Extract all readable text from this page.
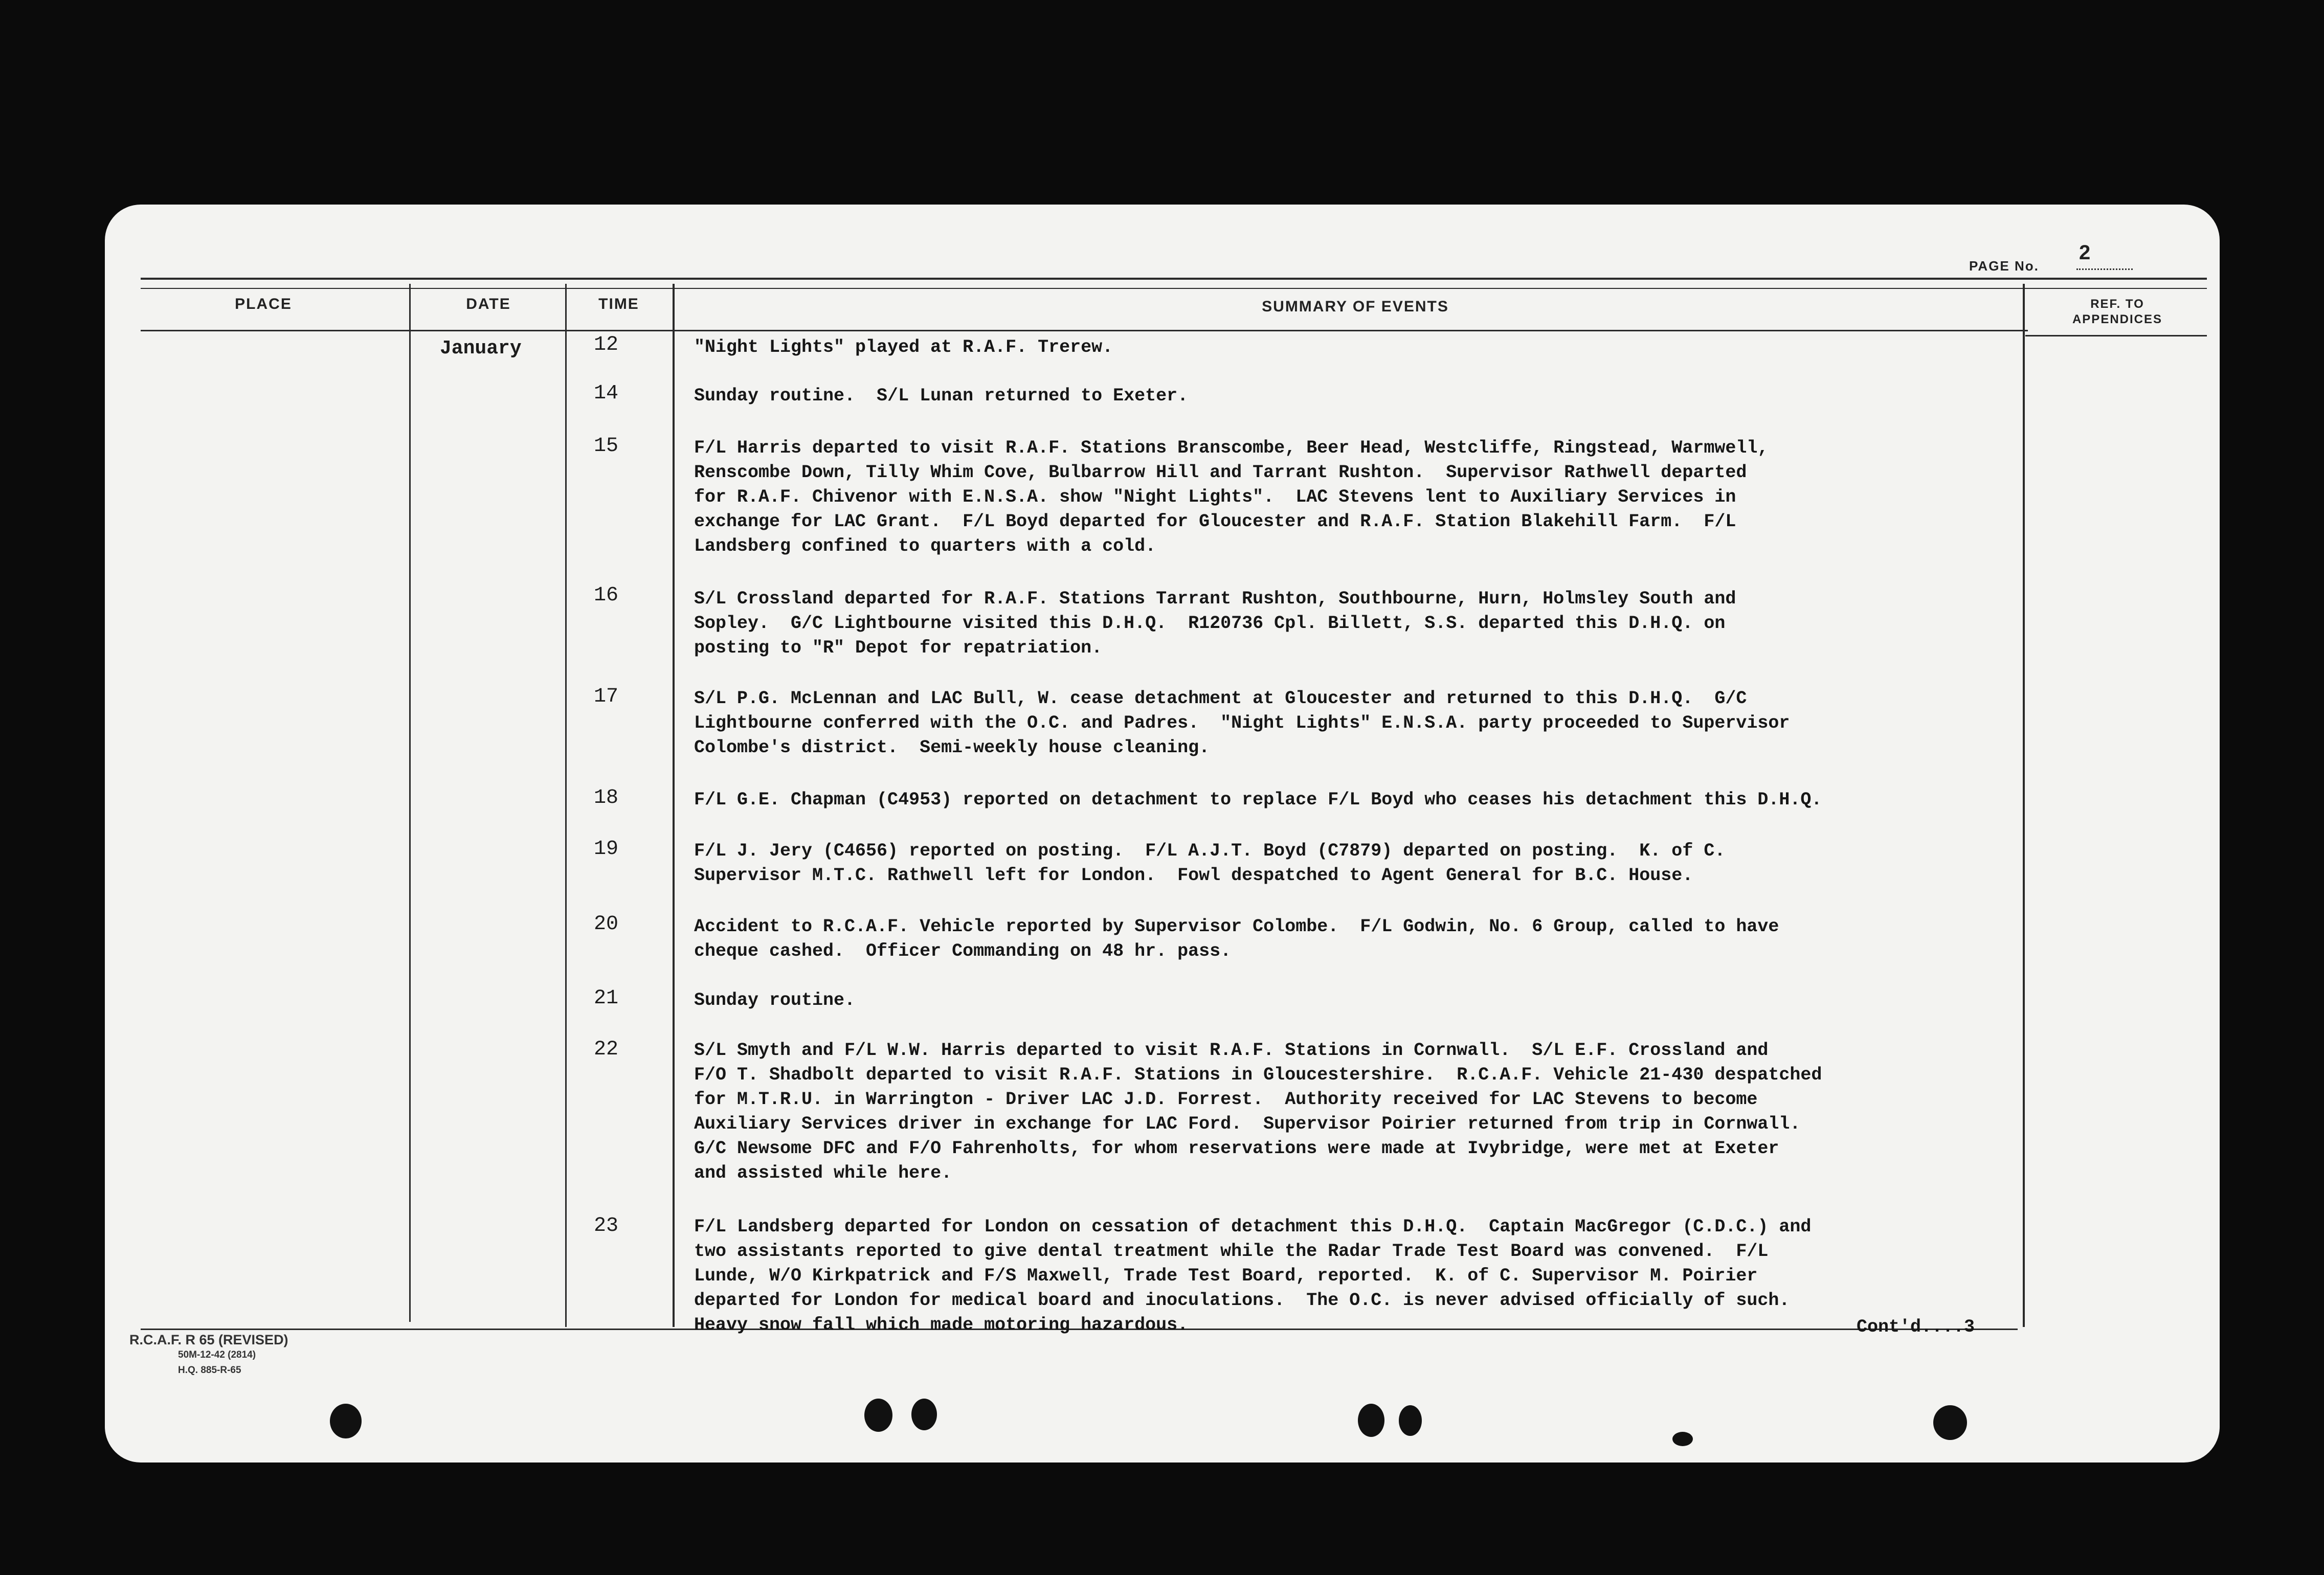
PAGE No.
2
PLACE	DATE	TIME	SUMMARY OF EVENTS	REF. TO
APPENDICES
January	12	"Night Lights" played at R.A.F. Trerew.
14	Sunday routine.  S/L Lunan returned to Exeter.
15	F/L Harris departed to visit R.A.F. Stations Branscombe, Beer Head, Westcliffe, Ringstead, Warmwell,
Renscombe Down, Tilly Whim Cove, Bulbarrow Hill and Tarrant Rushton.  Supervisor Rathwell departed
for R.A.F. Chivenor with E.N.S.A. show "Night Lights".  LAC Stevens lent to Auxiliary Services in
exchange for LAC Grant.  F/L Boyd departed for Gloucester and R.A.F. Station Blakehill Farm.  F/L
Landsberg confined to quarters with a cold.
16	S/L Crossland departed for R.A.F. Stations Tarrant Rushton, Southbourne, Hurn, Holmsley South and
Sopley.  G/C Lightbourne visited this D.H.Q.  R120736 Cpl. Billett, S.S. departed this D.H.Q. on
posting to "R" Depot for repatriation.
17	S/L P.G. McLennan and LAC Bull, W. cease detachment at Gloucester and returned to this D.H.Q.  G/C
Lightbourne conferred with the O.C. and Padres.  "Night Lights" E.N.S.A. party proceeded to Supervisor
Colombe's district.  Semi-weekly house cleaning.
18	F/L G.E. Chapman (C4953) reported on detachment to replace F/L Boyd who ceases his detachment this D.H.Q.
19	F/L J. Jery (C4656) reported on posting.  F/L A.J.T. Boyd (C7879) departed on posting.  K. of C.
Supervisor M.T.C. Rathwell left for London.  Fowl despatched to Agent General for B.C. House.
20	Accident to R.C.A.F. Vehicle reported by Supervisor Colombe.  F/L Godwin, No. 6 Group, called to have
cheque cashed.  Officer Commanding on 48 hr. pass.
21	Sunday routine.
22	S/L Smyth and F/L W.W. Harris departed to visit R.A.F. Stations in Cornwall.  S/L E.F. Crossland and
F/O T. Shadbolt departed to visit R.A.F. Stations in Gloucestershire.  R.C.A.F. Vehicle 21-430 despatched
for M.T.R.U. in Warrington - Driver LAC J.D. Forrest.  Authority received for LAC Stevens to become
Auxiliary Services driver in exchange for LAC Ford.  Supervisor Poirier returned from trip in Cornwall.
G/C Newsome DFC and F/O Fahrenholts, for whom reservations were made at Ivybridge, were met at Exeter
and assisted while here.
23	F/L Landsberg departed for London on cessation of detachment this D.H.Q.  Captain MacGregor (C.D.C.) and
two assistants reported to give dental treatment while the Radar Trade Test Board was convened.  F/L
Lunde, W/O Kirkpatrick and F/S Maxwell, Trade Test Board, reported.  K. of C. Supervisor M. Poirier
departed for London for medical board and inoculations.  The O.C. is never advised officially of such.
Heavy snow fall which made motoring hazardous.	Cont'd....3
R.C.A.F. R 65 (REVISED)
50M-12-42 (2814)
H.Q. 885-R-65
